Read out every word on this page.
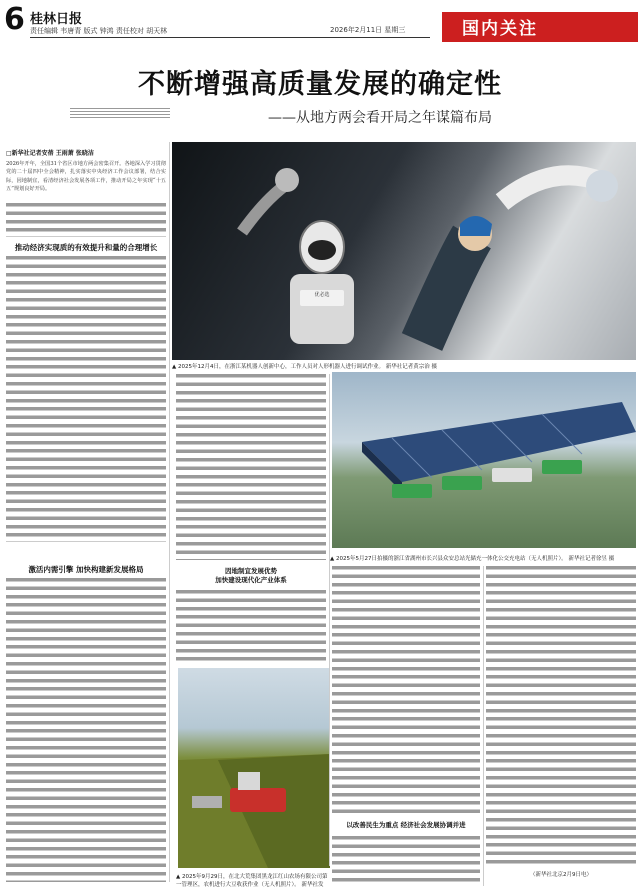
6 桂林日报
责任编辑 韦唐青 版式 钟鸿 责任校对 胡天林	2026年2月11日 星期三	国内关注
不断增强高质量发展的确定性
——从地方两会看开局之年谋篇布局
□新华社记者安蓓 王雨萧 张晓洁
2026年开年，全国31个省区市地方两会密集召开。各地深入学习贯彻党的二十届四中全会精神，扎实落实中央经济工作会议部署，结合实际，因地制宜，看清经济社会发展各项工作，推动开局之年实现“十五五”规划良好开局。
推动经济实现质的有效提升和量的合理增长
激活内需引擎 加快构建新发展格局
优必选
▲ 2025年12月4日，在浙江某机器人创新中心，工作人员对人形机器人进行调试作业。 新华社记者黄宗治 摄
因地制宜发展优势
加快建设现代化产业体系
▲ 2025年9月29日，在北大荒集团黑龙江红山农场有限公司第一管理区，农机进行大豆收获作业（无人机照片）。 新华社发
▲ 2025年5月27日拍摄的浙江省湖州市长兴县众安总站光储充一体化公交充电站（无人机照片）。 新华社记者徐昱 摄
以改善民生为重点 经济社会发展协调并进
（新华社北京2月9日电）
